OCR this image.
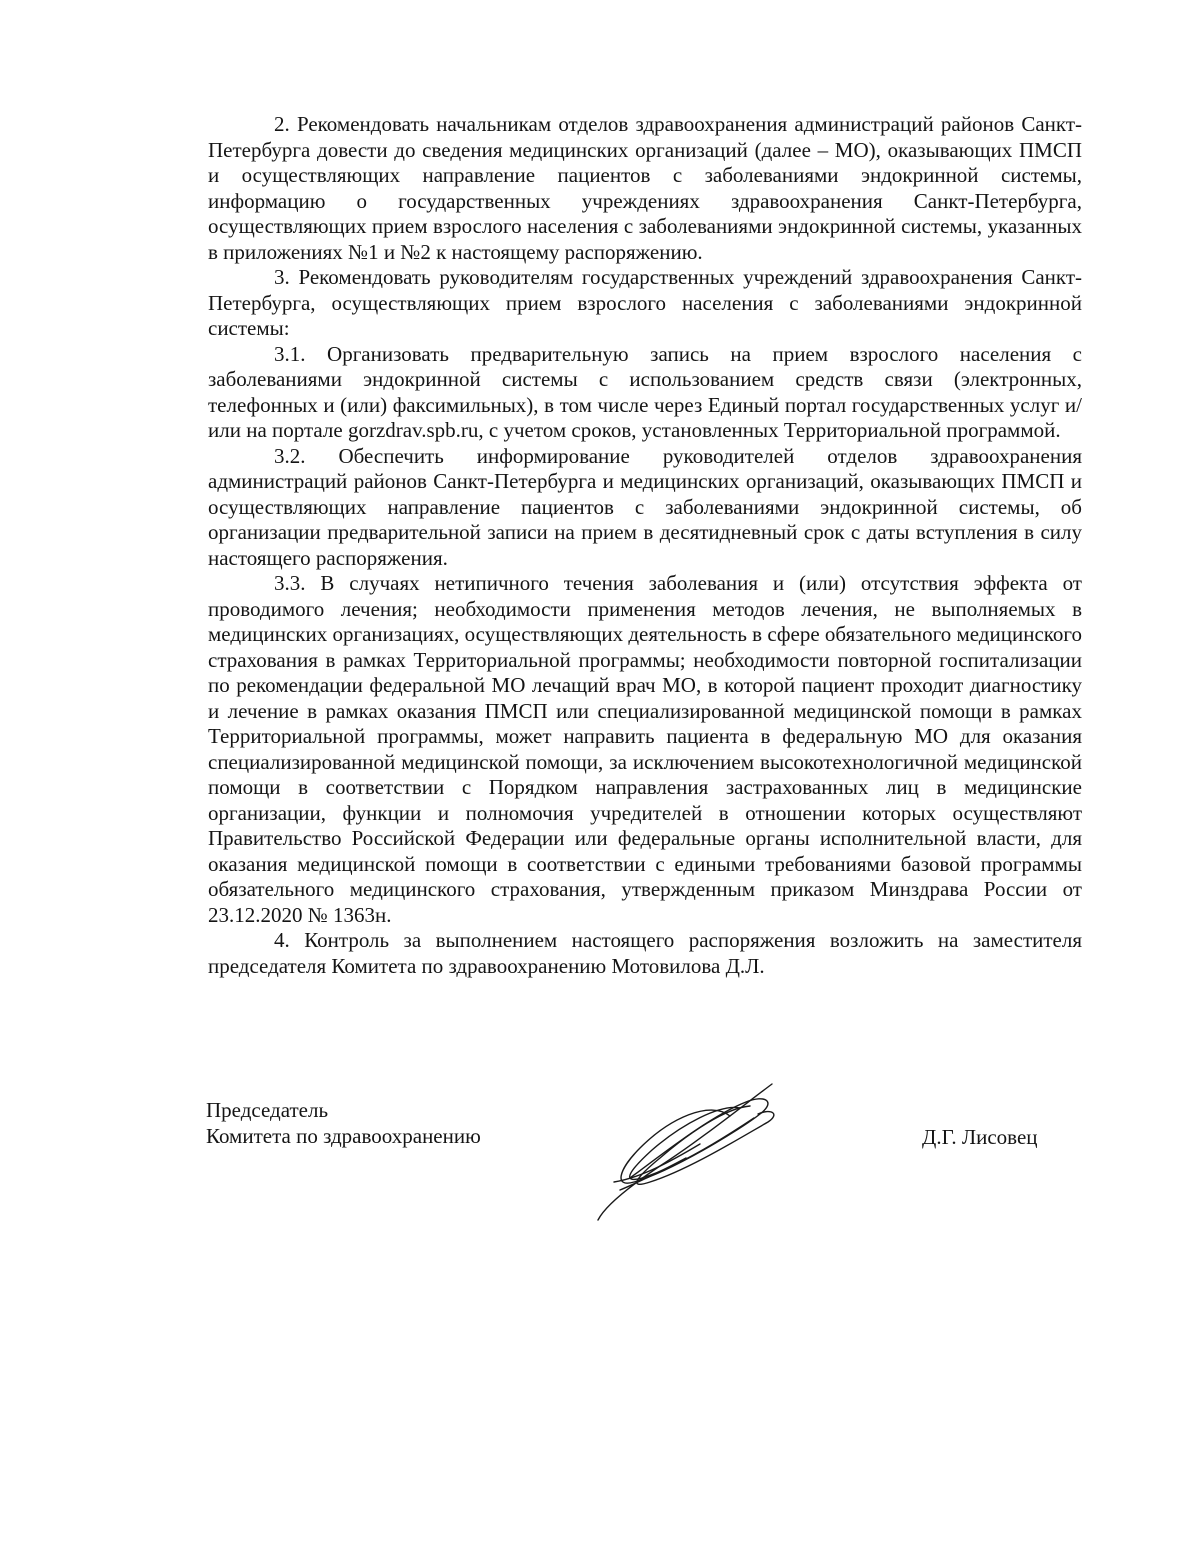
2. Рекомендовать начальникам отделов здравоохранения администраций районов Санкт-Петербурга довести до сведения медицинских организаций (далее – МО), оказывающих ПМСП и осуществляющих направление пациентов с заболеваниями эндокринной системы, информацию о государственных учреждениях здравоохранения Санкт-Петербурга, осуществляющих прием взрослого населения с заболеваниями эндокринной системы, указанных в приложениях №1 и №2 к настоящему распоряжению.

3. Рекомендовать руководителям государственных учреждений здравоохранения Санкт-Петербурга, осуществляющих прием взрослого населения с заболеваниями эндокринной системы:

3.1. Организовать предварительную запись на прием взрослого населения с заболеваниями эндокринной системы с использованием средств связи (электронных, телефонных и (или) факсимильных), в том числе через Единый портал государственных услуг и/или на портале gorzdrav.spb.ru, с учетом сроков, установленных Территориальной программой.

3.2. Обеспечить информирование руководителей отделов здравоохранения администраций районов Санкт-Петербурга и медицинских организаций, оказывающих ПМСП и осуществляющих направление пациентов с заболеваниями эндокринной системы, об организации предварительной записи на прием в десятидневный срок с даты вступления в силу настоящего распоряжения.

3.3. В случаях нетипичного течения заболевания и (или) отсутствия эффекта от проводимого лечения; необходимости применения методов лечения, не выполняемых в медицинских организациях, осуществляющих деятельность в сфере обязательного медицинского страхования в рамках Территориальной программы; необходимости повторной госпитализации по рекомендации федеральной МО лечащий врач МО, в которой пациент проходит диагностику и лечение в рамках оказания ПМСП или специализированной медицинской помощи в рамках Территориальной программы, может направить пациента в федеральную МО для оказания специализированной медицинской помощи, за исключением высокотехнологичной медицинской помощи в соответствии с Порядком направления застрахованных лиц в медицинские организации, функции и полномочия учредителей в отношении которых осуществляют Правительство Российской Федерации или федеральные органы исполнительной власти, для оказания медицинской помощи в соответствии с едиными требованиями базовой программы обязательного медицинского страхования, утвержденным приказом Минздрава России от 23.12.2020 № 1363н.

4. Контроль за выполнением настоящего распоряжения возложить на заместителя председателя Комитета по здравоохранению Мотовилова Д.Л.

Председатель
Комитета по здравоохранению	Д.Г. Лисовец
